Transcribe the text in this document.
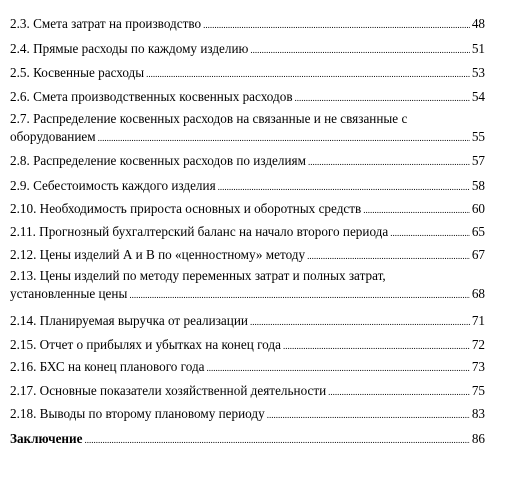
2.3. Смета затрат на производство .....	48
2.4. Прямые расходы по каждому изделию .....	51
2.5. Косвенные расходы .....	53
2.6. Смета производственных косвенных расходов .....	54
2.7. Распределение косвенных расходов на связанные и не связанные с
оборудованием .....	55
2.8. Распределение косвенных расходов по изделиям .....	57
2.9. Себестоимость каждого изделия .....	58
2.10. Необходимость прироста основных и оборотных средств .....	60
2.11. Прогнозный бухгалтерский баланс на начало второго периода .....	65
2.12. Цены изделий А и В по «ценностному» методу .....	67
2.13. Цены изделий по методу переменных затрат и полных затрат,
установленные цены .....	68
2.14. Планируемая выручка от реализации .....	71
2.15. Отчет о прибылях и убытках на конец года .....	72
2.16. БХС на конец планового года .....	73
2.17. Основные показатели хозяйственной деятельности .....	75
2.18. Выводы по второму плановому периоду .....	83
Заключение .....	86
